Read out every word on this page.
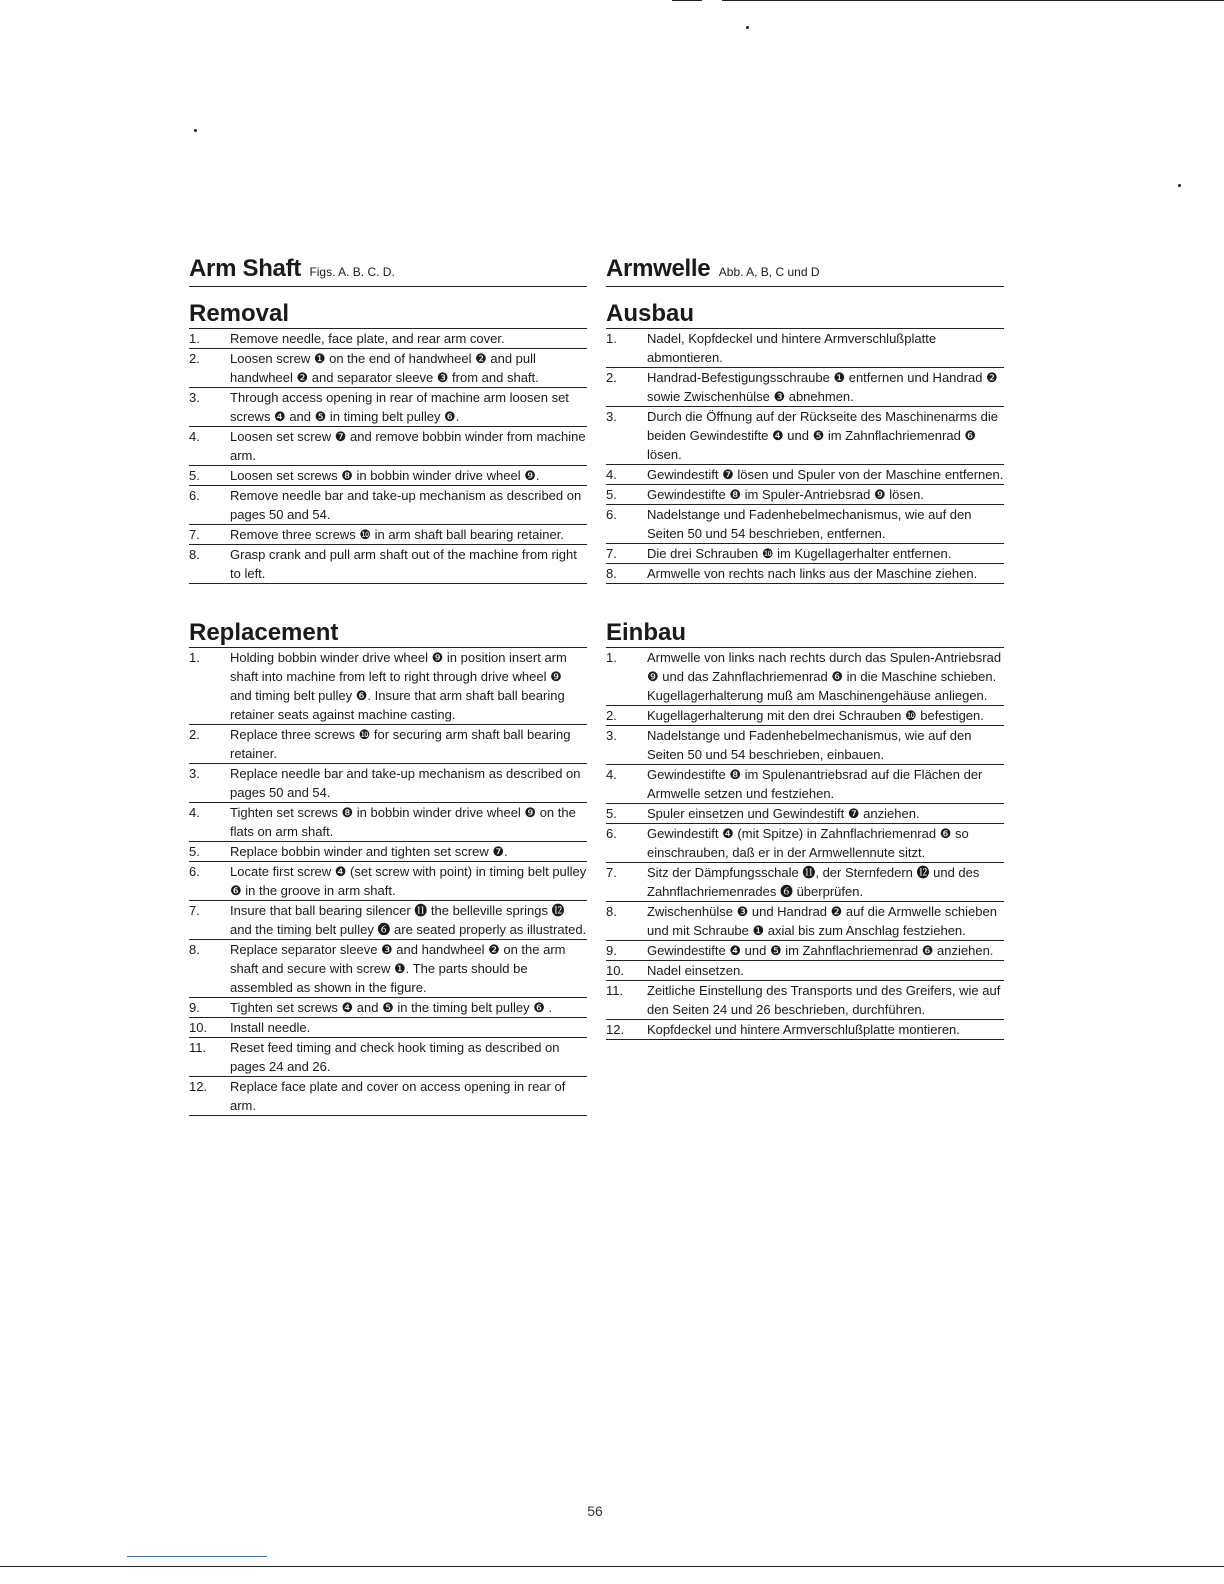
Arm Shaft Figs. A. B. C. D.
Removal
1.	Remove needle, face plate, and rear arm cover.
2.	Loosen screw ❶ on the end of handwheel ❷ and pull handwheel ❷ and separator sleeve ❸ from and shaft.
3.	Through access opening in rear of machine arm loosen set screws ❹ and ❺ in timing belt pulley ❻.
4.	Loosen set screw ❼ and remove bobbin winder from machine arm.
5.	Loosen set screws ❽ in bobbin winder drive wheel ❾.
6.	Remove needle bar and take-up mechanism as described on pages 50 and 54.
7.	Remove three screws ❿ in arm shaft ball bearing retainer.
8.	Grasp crank and pull arm shaft out of the machine from right to left.
Replacement
1.	Holding bobbin winder drive wheel ❾ in position insert arm shaft into machine from left to right through drive wheel ❾ and timing belt pulley ❻. Insure that arm shaft ball bearing retainer seats against machine casting.
2.	Replace three screws ❿ for securing arm shaft ball bearing retainer.
3.	Replace needle bar and take-up mechanism as described on pages 50 and 54.
4.	Tighten set screws ❽ in bobbin winder drive wheel ❾ on the flats on arm shaft.
5.	Replace bobbin winder and tighten set screw ❼.
6.	Locate first screw ❹ (set screw with point) in timing belt pulley ❻ in the groove in arm shaft.
7.	Insure that ball bearing silencer ⓫ the belleville springs ⓬ and the timing belt pulley ❻ are seated properly as illustrated.
8.	Replace separator sleeve ❸ and handwheel ❷ on the arm shaft and secure with screw ❶. The parts should be assembled as shown in the figure.
9.	Tighten set screws ❹ and ❺ in the timing belt pulley ❻ .
10.	Install needle.
11.	Reset feed timing and check hook timing as described on pages 24 and 26.
12.	Replace face plate and cover on access opening in rear of arm.
Armwelle Abb. A, B, C und D
Ausbau
1.	Nadel, Kopfdeckel und hintere Armverschlußplatte abmontieren.
2.	Handrad-Befestigungsschraube ❶ entfernen und Handrad ❷ sowie Zwischenhülse ❸ abnehmen.
3.	Durch die Öffnung auf der Rückseite des Maschinenarms die beiden Gewindestifte ❹ und ❺ im Zahnflachriemenrad ❻ lösen.
4.	Gewindestift ❼ lösen und Spuler von der Maschine entfernen.
5.	Gewindestifte ❽ im Spuler-Antriebsrad ❾ lösen.
6.	Nadelstange und Fadenhebelmechanismus, wie auf den Seiten 50 und 54 beschrieben, entfernen.
7.	Die drei Schrauben ❿ im Kugellagerhalter entfernen.
8.	Armwelle von rechts nach links aus der Maschine ziehen.
Einbau
1.	Armwelle von links nach rechts durch das Spulen-Antriebsrad ❾ und das Zahnflachriemenrad ❻ in die Maschine schieben. Kugellagerhalterung muß am Maschinengehäuse anliegen.
2.	Kugellagerhalterung mit den drei Schrauben ❿ befestigen.
3.	Nadelstange und Fadenhebelmechanismus, wie auf den Seiten 50 und 54 beschrieben, einbauen.
4.	Gewindestifte ❽ im Spulenantriebsrad auf die Flächen der Armwelle setzen und festziehen.
5.	Spuler einsetzen und Gewindestift ❼ anziehen.
6.	Gewindestift ❹ (mit Spitze) in Zahnflachriemenrad ❻ so einschrauben, daß er in der Armwellennute sitzt.
7.	Sitz der Dämpfungsschale ⓫, der Sternfedern ⓬ und des Zahnflachriemenrades ❻ überprüfen.
8.	Zwischenhülse ❸ und Handrad ❷ auf die Armwelle schieben und mit Schraube ❶ axial bis zum Anschlag festziehen.
9.	Gewindestifte ❹ und ❺ im Zahnflachriemenrad ❻ anziehen.
10.	Nadel einsetzen.
11.	Zeitliche Einstellung des Transports und des Greifers, wie auf den Seiten 24 und 26 beschrieben, durchführen.
12.	Kopfdeckel und hintere Armverschlußplatte montieren.
56
